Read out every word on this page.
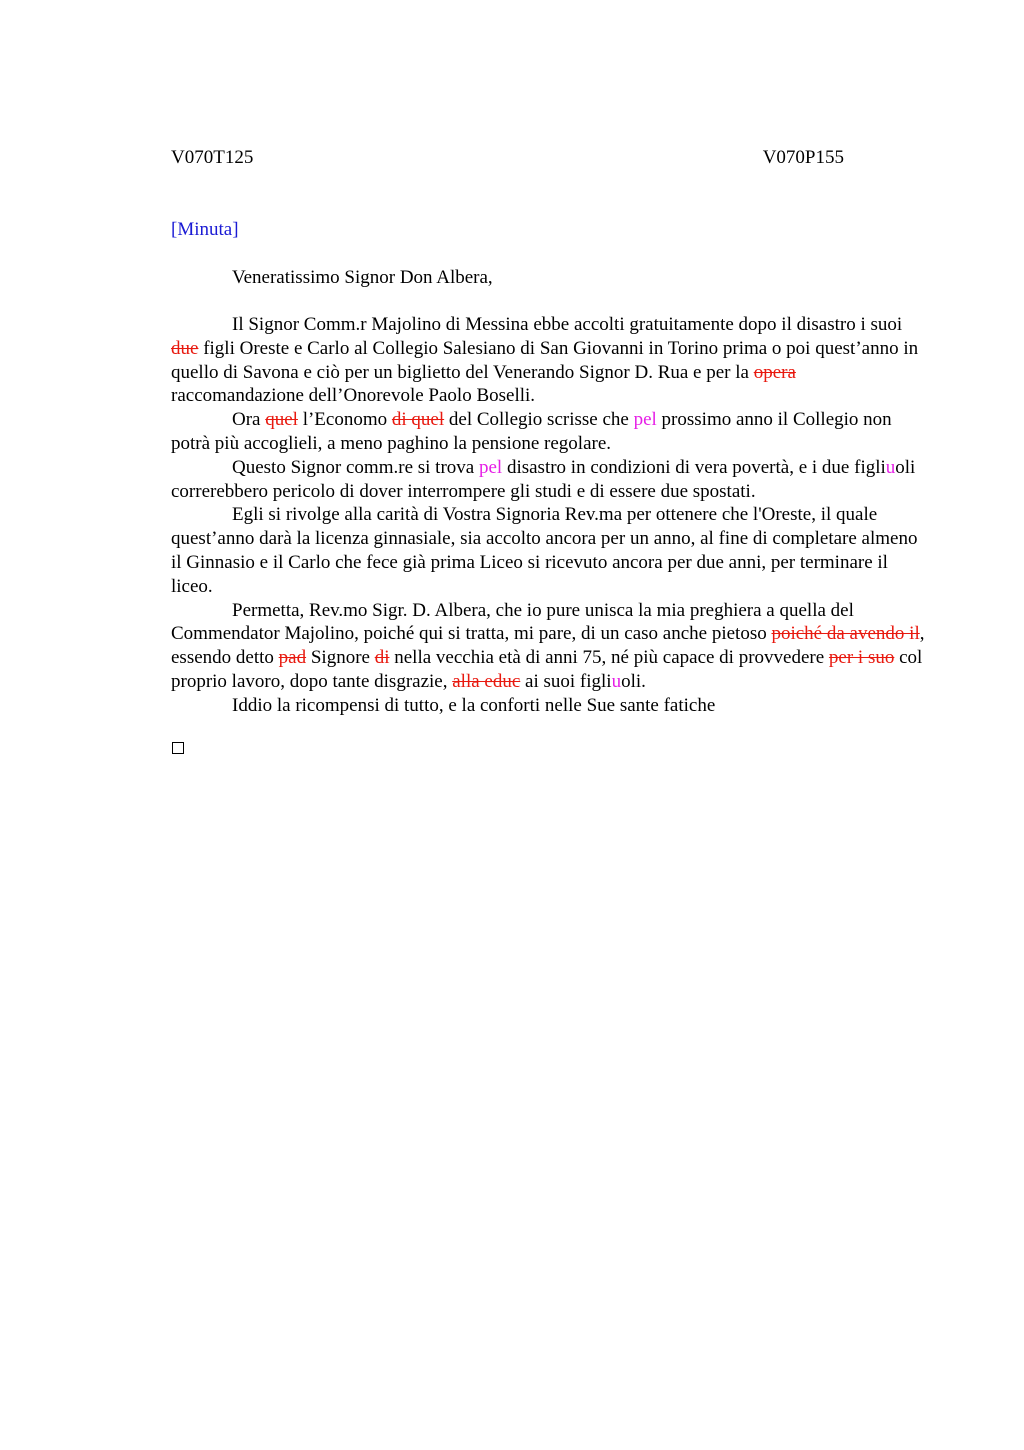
V070T125	V070P155
[Minuta]
Veneratissimo Signor Don Albera,

Il Signor Comm.r Majolino di Messina ebbe accolti gratuitamente dopo il disastro i suoi due figli Oreste e Carlo al Collegio Salesiano di San Giovanni in Torino prima o poi quest’anno in quello di Savona e ciò per un biglietto del Venerando Signor D. Rua e per la opera raccomandazione dell’Onorevole Paolo Boselli.

Ora quel l’Economo di quel del Collegio scrisse che pel prossimo anno il Collegio non potrà più accoglieli, a meno paghino la pensione regolare.

Questo Signor comm.re si trova pel disastro in condizioni di vera povertà, e i due figliuoli correrebbero pericolo di dover interrompere gli studi e di essere due spostati.

Egli si rivolge alla carità di Vostra Signoria Rev.ma per ottenere che l'Oreste, il quale quest’anno darà la licenza ginnasiale, sia accolto ancora per un anno, al fine di completare almeno il Ginnasio e il Carlo che fece già prima Liceo si ricevuto ancora per due anni, per terminare il liceo.

Permetta, Rev.mo Sigr. D. Albera, che io pure unisca la mia preghiera a quella del Commendator Majolino, poiché qui si tratta, mi pare, di un caso anche pietoso poiché da avendo il, essendo detto pad Signore di nella vecchia età di anni 75, né più capace di provvedere per i suo col proprio lavoro, dopo tante disgrazie, alla educ ai suoi figliuoli.

Iddio la ricompensi di tutto, e la conforti nelle Sue sante fatiche
